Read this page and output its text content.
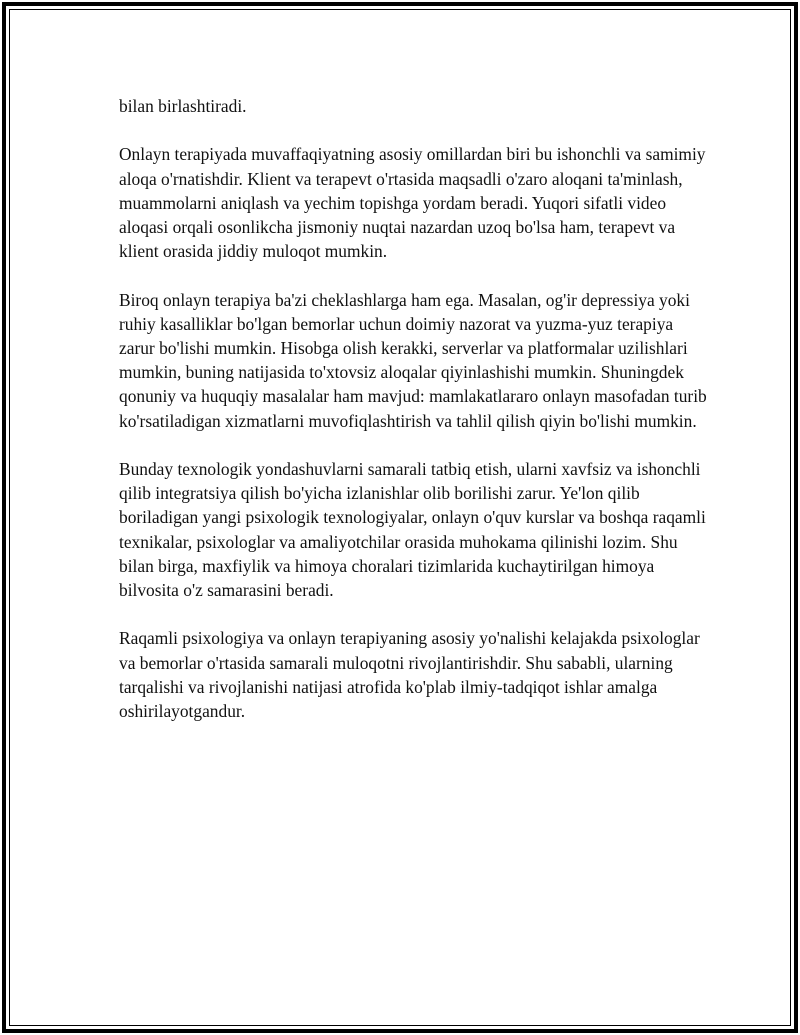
bilan birlashtiradi.

Onlayn terapiyada muvaffaqiyatning asosiy omillardan biri bu ishonchli va samimiy aloqa o'rnatishdir. Klient va terapevt o'rtasida maqsadli o'zaro aloqani ta'minlash, muammolarni aniqlash va yechim topishga yordam beradi. Yuqori sifatli video aloqasi orqali osonlikcha jismoniy nuqtai nazardan uzoq bo'lsa ham, terapevt va klient orasida jiddiy muloqot mumkin.

Biroq onlayn terapiya ba'zi cheklashlarga ham ega. Masalan, og'ir depressiya yoki ruhiy kasalliklar bo'lgan bemorlar uchun doimiy nazorat va yuzma-yuz terapiya zarur bo'lishi mumkin. Hisobga olish kerakki, serverlar va platformalar uzilishlari mumkin, buning natijasida to'xtovsiz aloqalar qiyinlashishi mumkin. Shuningdek qonuniy va huquqiy masalalar ham mavjud: mamlakatlararo onlayn masofadan turib ko'rsatiladigan xizmatlarni muvofiqlashtirish va tahlil qilish qiyin bo'lishi mumkin.

Bunday texnologik yondashuvlarni samarali tatbiq etish, ularni xavfsiz va ishonchli qilib integratsiya qilish bo'yicha izlanishlar olib borilishi zarur. Ye'lon qilib boriladigan yangi psixologik texnologiyalar, onlayn o'quv kurslar va boshqa raqamli texnikalar, psixologlar va amaliyotchilar orasida muhokama qilinishi lozim. Shu bilan birga, maxfiylik va himoya choralari tizimlarida kuchaytirilgan himoya bilvosita o'z samarasini beradi.

Raqamli psixologiya va onlayn terapiyaning asosiy yo'nalishi kelajakda psixologlar va bemorlar o'rtasida samarali muloqotni rivojlantirishdir. Shu sababli, ularning tarqalishi va rivojlanishi natijasi atrofida ko'plab ilmiy-tadqiqot ishlar amalga oshirilayotgandur.
